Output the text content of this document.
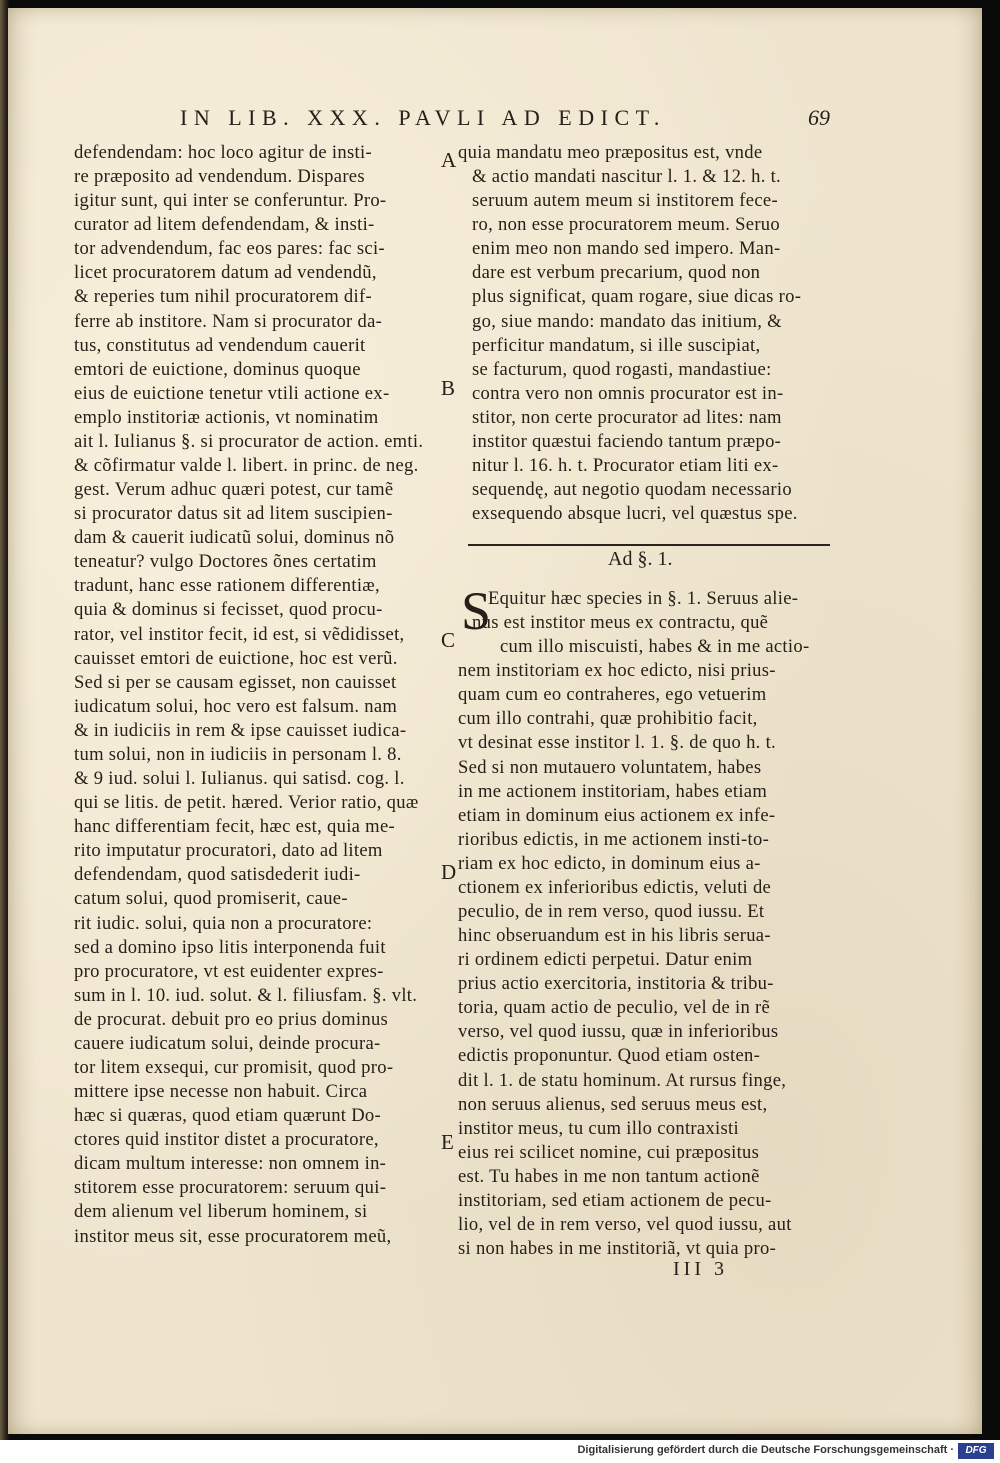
IN LIB. XXX. PAVLI AD EDICT.	69

defendendam: hoc loco agitur de insti-

re præposito ad vendendum. Dispares

igitur sunt, qui inter se conferuntur. Pro-

curator ad litem defendendam, & insti-

tor advendendum, fac eos pares: fac sci-

licet procuratorem datum ad vendendũ,

& reperies tum nihil procuratorem dif-

ferre ab institore. Nam si procurator da-

tus, constitutus ad vendendum cauerit

emtori de euictione, dominus quoque

eius de euictione tenetur vtili actione ex-

emplo institoriæ actionis, vt nominatim

ait l. Iulianus §. si procurator de action. emti.

& cõfirmatur valde l. libert. in princ. de neg.

gest. Verum adhuc quæri potest, cur tamẽ

si procurator datus sit ad litem suscipien-

dam & cauerit iudicatũ solui, dominus nõ

teneatur? vulgo Doctores õnes certatim

tradunt, hanc esse rationem differentiæ,

quia & dominus si fecisset, quod procu-

rator, vel institor fecit, id est, si vẽdidisset,

cauisset emtori de euictione, hoc est verũ.

Sed si per se causam egisset, non cauisset

iudicatum solui, hoc vero est falsum. nam

& in iudiciis in rem & ipse cauisset iudica-

tum solui, non in iudiciis in personam l. 8.

& 9 iud. solui l. Iulianus. qui satisd. cog. l.

qui se litis. de petit. hæred. Verior ratio, quæ

hanc differentiam fecit, hæc est, quia me-

rito imputatur procuratori, dato ad litem

defendendam, quod satisdederit iudi-

catum solui, quod promiserit, caue-

rit iudic. solui, quia non a procuratore:

sed a domino ipso litis interponenda fuit

pro procuratore, vt est euidenter expres-

sum in l. 10. iud. solut. & l. filiusfam. §. vlt.

de procurat. debuit pro eo prius dominus

cauere iudicatum solui, deinde procura-

tor litem exsequi, cur promisit, quod pro-

mittere ipse necesse non habuit. Circa

hæc si quæras, quod etiam quærunt Do-

ctores quid institor distet a procuratore,

dicam multum interesse: non omnem in-

stitorem esse procuratorem: seruum qui-

dem alienum vel liberum hominem, si

institor meus sit, esse procuratorem meũ,

A
B
C
D
E

quia mandatu meo præpositus est, vnde

& actio mandati nascitur l. 1. & 12. h. t.

seruum autem meum si institorem fece-

ro, non esse procuratorem meum. Seruo

enim meo non mando sed impero. Man-

dare est verbum precarium, quod non

plus significat, quam rogare, siue dicas ro-

go, siue mando: mandato das initium, &

perficitur mandatum, si ille suscipiat,

se facturum, quod rogasti, mandastiue:

contra vero non omnis procurator est in-

stitor, non certe procurator ad lites: nam

institor quæstui faciendo tantum præpo-

nitur l. 16. h. t. Procurator etiam liti ex-

sequendę, aut negotio quodam necessario

exsequendo absque lucri, vel quæstus spe.

Ad §. 1.
S

Equitur hæc species in §. 1. Seruus alie-

nus est institor meus ex contractu, quẽ

cum illo miscuisti, habes & in me actio-

nem institoriam ex hoc edicto, nisi prius-

quam cum eo contraheres, ego vetuerim

cum illo contrahi, quæ prohibitio facit,

vt desinat esse institor l. 1. §. de quo h. t.

Sed si non mutauero voluntatem, habes

in me actionem institoriam, habes etiam

etiam in dominum eius actionem ex infe-

rioribus edictis, in me actionem insti-to-

riam ex hoc edicto, in dominum eius a-

ctionem ex inferioribus edictis, veluti de

peculio, de in rem verso, quod iussu. Et

hinc obseruandum est in his libris serua-

ri ordinem edicti perpetui. Datur enim

prius actio exercitoria, institoria & tribu-

toria, quam actio de peculio, vel de in rẽ

verso, vel quod iussu, quæ in inferioribus

edictis proponuntur. Quod etiam osten-

dit l. 1. de statu hominum. At rursus finge,

non seruus alienus, sed seruus meus est,

institor meus, tu cum illo contraxisti

eius rei scilicet nomine, cui præpositus

est. Tu habes in me non tantum actionẽ

institoriam, sed etiam actionem de pecu-

lio, vel de in rem verso, vel quod iussu, aut

si non habes in me institoriã, vt quia pro-

III 3
Digitalisierung gefördert durch die Deutsche Forschungsgemeinschaft ·	DFG
